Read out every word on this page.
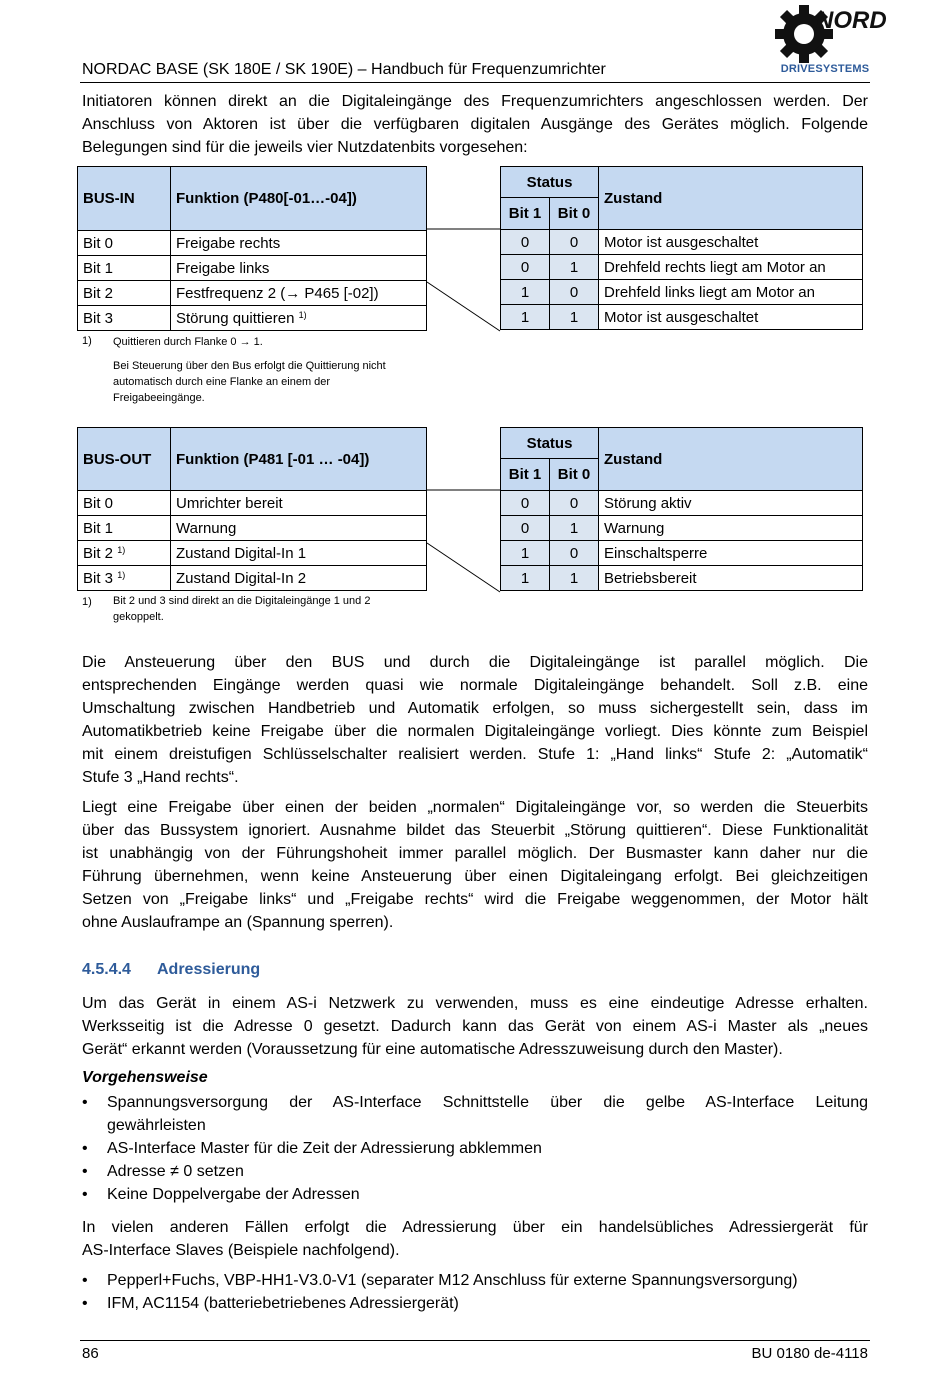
NORDAC BASE (SK 180E / SK 190E) – Handbuch für Frequenzumrichter
NORD
DRIVESYSTEMS
Initiatoren können direkt an die Digitaleingänge des Frequenzumrichters angeschlossen werden. Der
Anschluss von Aktoren ist über die verfügbaren digitalen Ausgänge des Gerätes möglich. Folgende
Belegungen sind für die jeweils vier Nutzdatenbits vorgesehen:
BUS-IN	Funktion (P480[-01…-04])
Bit 0	Freigabe rechts
Bit 1	Freigabe links
Bit 2	Festfrequenz 2 (→ P465 [-02])
Bit 3	Störung quittieren $^{1)}$
Status		Zustand
Bit 1	Bit 0	
0	0	Motor ist ausgeschaltet
0	1	Drehfeld rechts liegt am Motor an
1	0	Drehfeld links liegt am Motor an
1	1	Motor ist ausgeschaltet
1) Quittieren durch Flanke 0 → 1.
Bei Steuerung über den Bus erfolgt die Quittierung nicht
automatisch durch eine Flanke an einem der
Freigabeeingänge.
BUS-OUT	Funktion (P481 [-01 … -04])
Bit 0	Umrichter bereit
Bit 1	Warnung
Bit 2 $^{1)}$	Zustand Digital-In 1
Bit 3 $^{1)}$	Zustand Digital-In 2
Status		Zustand
Bit 1	Bit 0	
0	0	Störung aktiv
0	1	Warnung
1	0	Einschaltsperre
1	1	Betriebsbereit
1) Bit 2 und 3 sind direkt an die Digitaleingänge 1 und 2
gekoppelt.
Die Ansteuerung über den BUS und durch die Digitaleingänge ist parallel möglich. Die
entsprechenden Eingänge werden quasi wie normale Digitaleingänge behandelt. Soll z.B. eine
Umschaltung zwischen Handbetrieb und Automatik erfolgen, so muss sichergestellt sein, dass im
Automatikbetrieb keine Freigabe über die normalen Digitaleingänge vorliegt. Dies könnte zum Beispiel
mit einem dreistufigen Schlüsselschalter realisiert werden. Stufe 1: „Hand links“ Stufe 2: „Automatik“
Stufe 3 „Hand rechts“.
Liegt eine Freigabe über einen der beiden „normalen“ Digitaleingänge vor, so werden die Steuerbits
über das Bussystem ignoriert. Ausnahme bildet das Steuerbit „Störung quittieren“. Diese Funktionalität
ist unabhängig von der Führungshoheit immer parallel möglich. Der Busmaster kann daher nur die
Führung übernehmen, wenn keine Ansteuerung über einen Digitaleingang erfolgt. Bei gleichzeitigen
Setzen von „Freigabe links“ und „Freigabe rechts“ wird die Freigabe weggenommen, der Motor hält
ohne Auslauframpe an (Spannung sperren).
4.5.4.4 Adressierung
Um das Gerät in einem AS-i Netzwerk zu verwenden, muss es eine eindeutige Adresse erhalten.
Werksseitig ist die Adresse 0 gesetzt. Dadurch kann das Gerät von einem AS-i Master als „neues
Gerät“ erkannt werden (Voraussetzung für eine automatische Adresszuweisung durch den Master).
Vorgehensweise
• Spannungsversorgung der AS-Interface Schnittstelle über die gelbe AS-Interface Leitung
gewährleisten
• AS-Interface Master für die Zeit der Adressierung abklemmen
• Adresse ≠ 0 setzen
• Keine Doppelvergabe der Adressen
In vielen anderen Fällen erfolgt die Adressierung über ein handelsübliches Adressiergerät für
AS-Interface Slaves (Beispiele nachfolgend).
• Pepperl+Fuchs, VBP-HH1-V3.0-V1 (separater M12 Anschluss für externe Spannungsversorgung)
• IFM, AC1154 (batteriebetriebenes Adressiergerät)
86	BU 0180 de-4118
